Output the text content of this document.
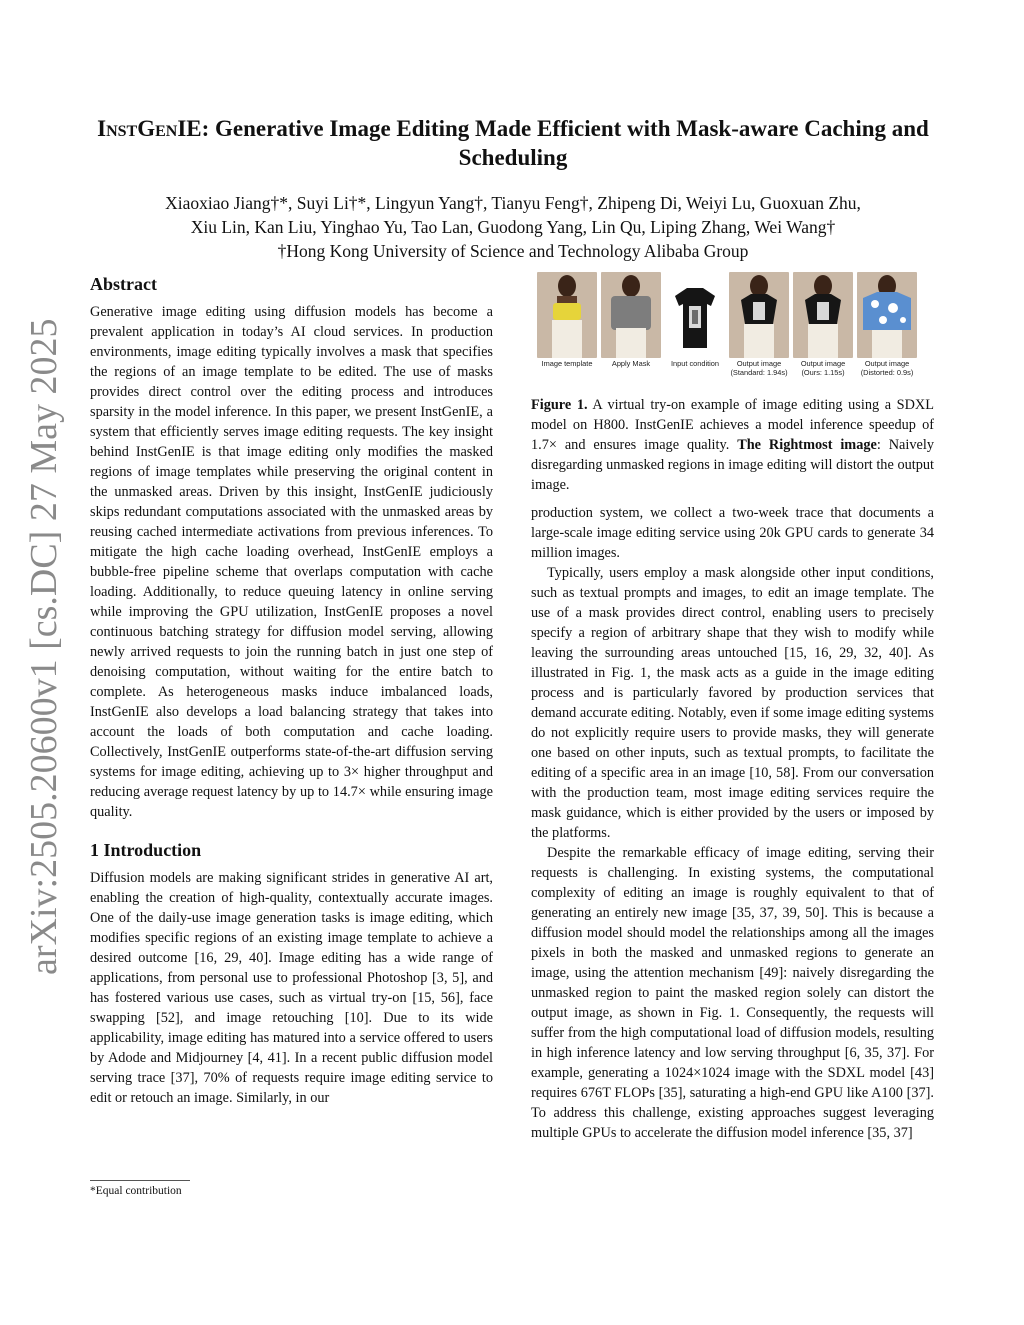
arXiv:2505.20600v1 [cs.DC] 27 May 2025
InstGenIE: Generative Image Editing Made Efficient with Mask-aware Caching and Scheduling
Xiaoxiao Jiang†*, Suyi Li†*, Lingyun Yang†, Tianyu Feng†, Zhipeng Di, Weiyi Lu, Guoxuan Zhu,
Xiu Lin, Kan Liu, Yinghao Yu, Tao Lan, Guodong Yang, Lin Qu, Liping Zhang, Wei Wang†
†Hong Kong University of Science and Technology Alibaba Group
Abstract

Generative image editing using diffusion models has become a prevalent application in today’s AI cloud services. In production environments, image editing typically involves a mask that specifies the regions of an image template to be edited. The use of masks provides direct control over the editing process and introduces sparsity in the model inference. In this paper, we present InstGenIE, a system that efficiently serves image editing requests. The key insight behind InstGenIE is that image editing only modifies the masked regions of image templates while preserving the original content in the unmasked areas. Driven by this insight, InstGenIE judiciously skips redundant computations associated with the unmasked areas by reusing cached intermediate activations from previous inferences. To mitigate the high cache loading overhead, InstGenIE employs a bubble-free pipeline scheme that overlaps computation with cache loading. Additionally, to reduce queuing latency in online serving while improving the GPU utilization, InstGenIE proposes a novel continuous batching strategy for diffusion model serving, allowing newly arrived requests to join the running batch in just one step of denoising computation, without waiting for the entire batch to complete. As heterogeneous masks induce imbalanced loads, InstGenIE also develops a load balancing strategy that takes into account the loads of both computation and cache loading. Collectively, InstGenIE outperforms state-of-the-art diffusion serving systems for image editing, achieving up to 3× higher throughput and reducing average request latency by up to 14.7× while ensuring image quality.

1 Introduction

Diffusion models are making significant strides in generative AI art, enabling the creation of high-quality, contextually accurate images. One of the daily-use image generation tasks is image editing, which modifies specific regions of an existing image template to achieve a desired outcome [16, 29, 40]. Image editing has a wide range of applications, from personal use to professional Photoshop [3, 5], and has fostered various use cases, such as virtual try-on [15, 56], face swapping [52], and image retouching [10]. Due to its wide applicability, image editing has matured into a service offered to users by Adode and Midjourney [4, 41]. In a recent public diffusion model serving trace [37], 70% of requests require image editing service to edit or retouch an image. Similarly, in our

Image template	Apply Mask	Input condition	Output image (Standard: 1.94s)
Output image (Ours: 1.15s)
Output image (Distorted: 0.9s)
Figure 1. A virtual try-on example of image editing using a SDXL model on H800. InstGenIE achieves a model inference speedup of 1.7× and ensures image quality. The Rightmost image: Naively disregarding unmasked regions in image editing will distort the output image.

production system, we collect a two-week trace that documents a large-scale image editing service using 20k GPU cards to generate 34 million images.

Typically, users employ a mask alongside other input conditions, such as textual prompts and images, to edit an image template. The use of a mask provides direct control, enabling users to precisely specify a region of arbitrary shape that they wish to modify while leaving the surrounding areas untouched [15, 16, 29, 32, 40]. As illustrated in Fig. 1, the mask acts as a guide in the image editing process and is particularly favored by production services that demand accurate editing. Notably, even if some image editing systems do not explicitly require users to provide masks, they will generate one based on other inputs, such as textual prompts, to facilitate the editing of a specific area in an image [10, 58]. From our conversation with the production team, most image editing services require the mask guidance, which is either provided by the users or imposed by the platforms.

Despite the remarkable efficacy of image editing, serving their requests is challenging. In existing systems, the computational complexity of editing an image is roughly equivalent to that of generating an entirely new image [35, 37, 39, 50]. This is because a diffusion model should model the relationships among all the images pixels in both the masked and unmasked regions to generate an image, using the attention mechanism [49]: naively disregarding the unmasked region to paint the masked region solely can distort the output image, as shown in Fig. 1. Consequently, the requests will suffer from the high computational load of diffusion models, resulting in high inference latency and low serving throughput [6, 35, 37]. For example, generating a 1024×1024 image with the SDXL model [43] requires 676T FLOPs [35], saturating a high-end GPU like A100 [37]. To address this challenge, existing approaches suggest leveraging multiple GPUs to accelerate the diffusion model inference [35, 37]

*Equal contribution
